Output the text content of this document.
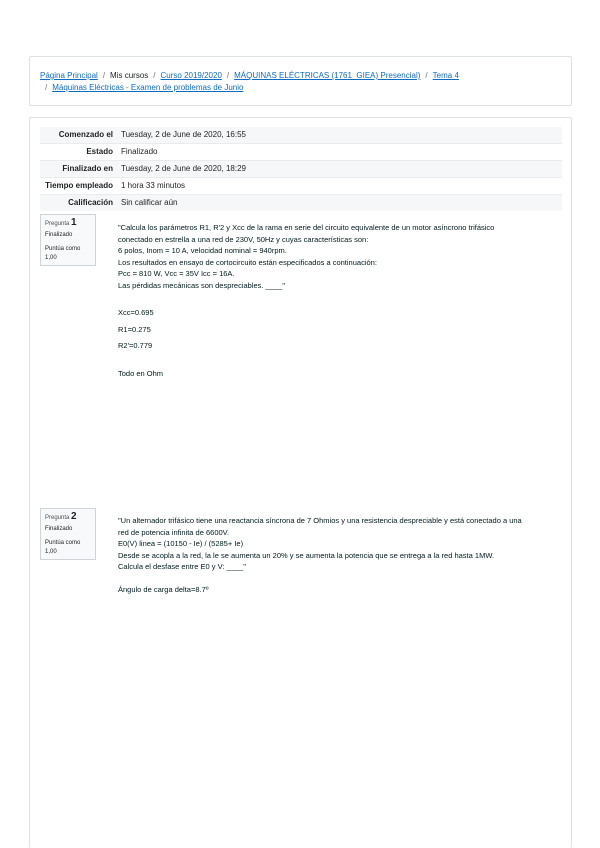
Página Principal / Mis cursos / Curso 2019/2020 / MÁQUINAS ELÉCTRICAS (1761_GIEA) Presencial) / Tema 4
/ Máquinas Eléctricas - Examen de problemas de Junio
Comenzado el	Tuesday, 2 de June de 2020, 16:55
Estado	Finalizado
Finalizado en	Tuesday, 2 de June de 2020, 18:29
Tiempo empleado	1 hora 33 minutos
Calificación	Sin calificar aún
Pregunta 1
Finalizado
Puntúa como
1,00

"Calcula los parámetros R1, R'2 y Xcc de la rama en serie del circuito equivalente de un motor asíncrono trifásico

conectado en estrella a una red de 230V, 50Hz y cuyas características son:

6 polos, Inom = 10 A, velocidad nominal = 940rpm.

Los resultados en ensayo de cortocircuito están especificados a continuación:

Pcc = 810 W, Vcc = 35V Icc = 16A.

Las pérdidas mecánicas son despreciables. ____"

Xcc=0.695

R1=0.275

R2'=0.779

Todo en Ohm

Pregunta 2
Finalizado
Puntúa como
1,00

"Un alternador trifásico tiene una reactancia síncrona de 7 Ohmios y una resistencia despreciable y está conectado a una

red de potencia infinita de 6600V.

E0(V) linea = (10150 - Ie) / (5285+ Ie)

Desde se acopla a la red, la le se aumenta un 20% y se aumenta la potencia que se entrega a la red hasta 1MW.

Calcula el desfase entre E0 y V: ____"

Ángulo de carga delta=8.7º
